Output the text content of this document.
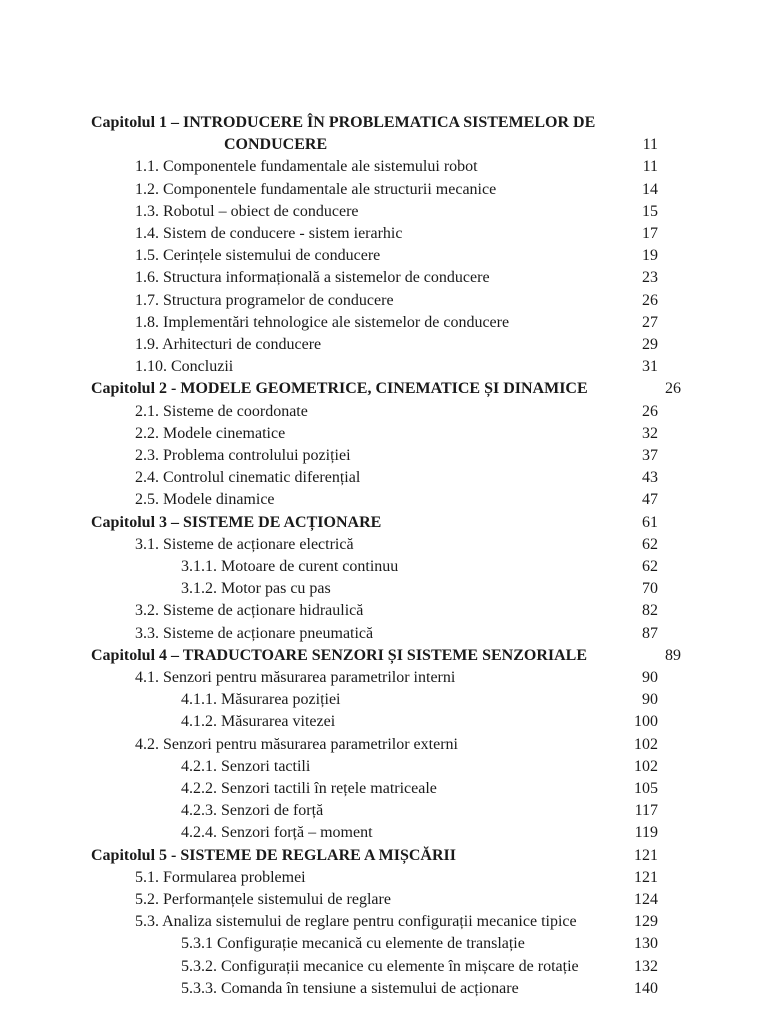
Capitolul 1 – INTRODUCERE ÎN PROBLEMATICA SISTEMELOR DE
CONDUCERE	11
1.1. Componentele fundamentale ale sistemului robot	11
1.2. Componentele fundamentale ale structurii mecanice	14
1.3. Robotul – obiect de conducere	15
1.4. Sistem de conducere - sistem ierarhic	17
1.5. Cerințele sistemului de conducere	19
1.6. Structura informațională a sistemelor de conducere	23
1.7. Structura programelor de conducere	26
1.8. Implementări tehnologice ale sistemelor de conducere	27
1.9. Arhitecturi de conducere	29
1.10. Concluzii	31
Capitolul 2 - MODELE GEOMETRICE, CINEMATICE ȘI DINAMICE	26
2.1. Sisteme de coordonate	26
2.2. Modele cinematice	32
2.3. Problema controlului poziției	37
2.4. Controlul cinematic diferențial	43
2.5. Modele dinamice	47
Capitolul 3 – SISTEME DE ACȚIONARE	61
3.1. Sisteme de acționare electrică	62
3.1.1. Motoare de curent continuu	62
3.1.2. Motor pas cu pas	70
3.2. Sisteme de acționare hidraulică	82
3.3. Sisteme de acționare pneumatică	87
Capitolul 4 – TRADUCTOARE SENZORI ȘI SISTEME SENZORIALE	89
4.1. Senzori pentru măsurarea parametrilor interni	90
4.1.1. Măsurarea poziției	90
4.1.2. Măsurarea vitezei	100
4.2. Senzori pentru măsurarea parametrilor externi	102
4.2.1. Senzori tactili	102
4.2.2. Senzori tactili în rețele matriceale	105
4.2.3. Senzori de forță	117
4.2.4. Senzori forță – moment	119
Capitolul 5 - SISTEME DE REGLARE A MIȘCĂRII	121
5.1. Formularea problemei	121
5.2. Performanțele sistemului de reglare	124
5.3. Analiza sistemului de reglare pentru configurații mecanice tipice	129
5.3.1 Configurație mecanică cu elemente de translație	130
5.3.2. Configurații mecanice cu elemente în mișcare de rotație	132
5.3.3. Comanda în tensiune a sistemului de acționare	140
